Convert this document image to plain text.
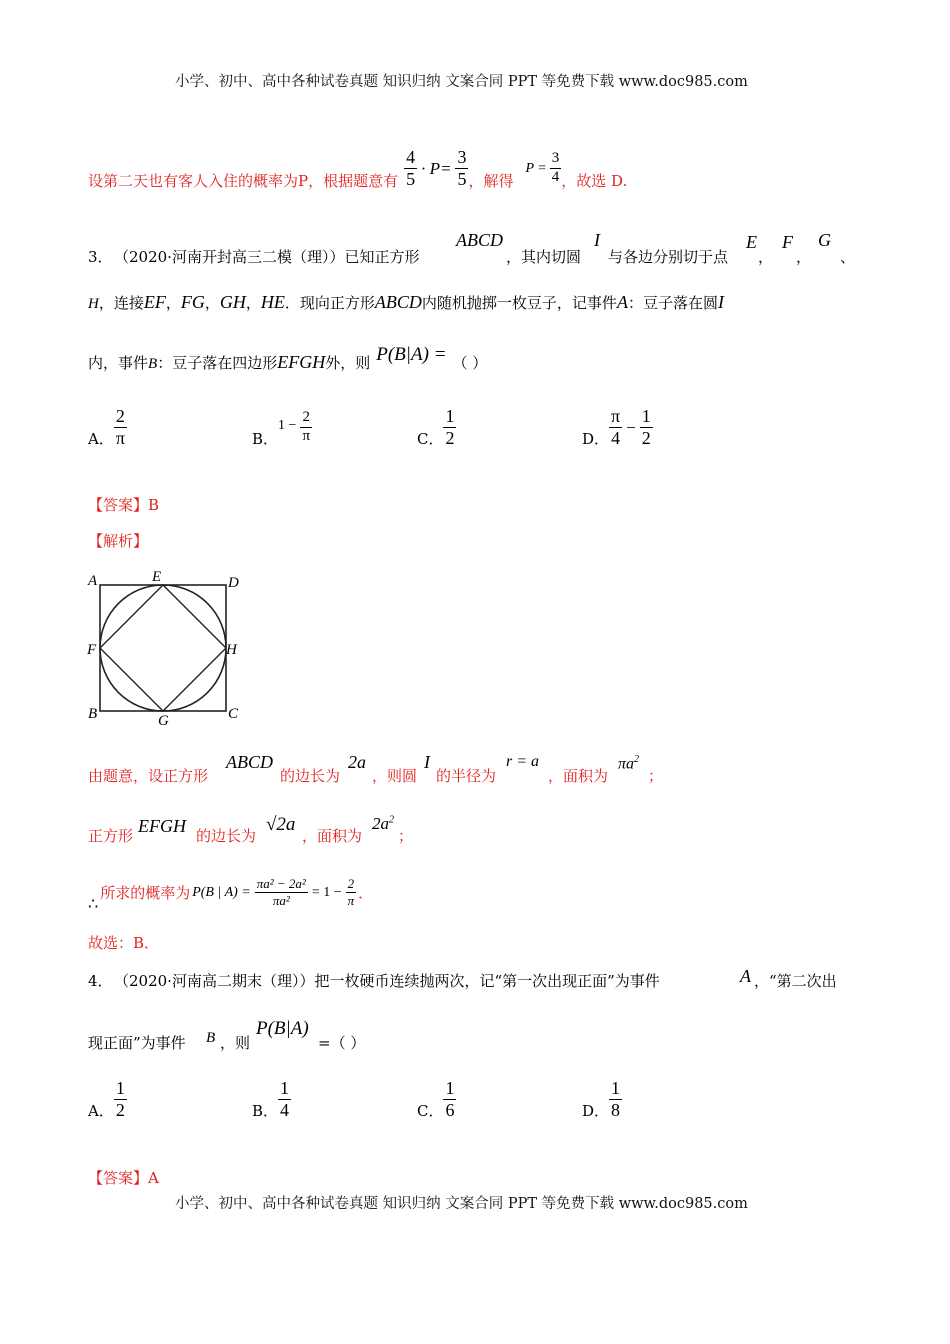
小学、初中、高中各种试卷真题 知识归纳 文案合同 PPT 等免费下载 www.doc985.com
设第二天也有客人入住的概率为P，根据题意有 $\frac{4}{5} \cdot P= \frac{3}{5}$ ，解得
$P = \frac{3}{4}$ ，故选 D.
3． （2020·河南开封高三二模（理））已知正方形
ABCD
，其内切圆
I
与各边分别切于点
E
，
F
，
G
、
H ，连接 EF ， FG ， GH ， HE ．现向正方形 ABCD 内随机抛掷一枚豆子，记事件 A ：豆子落在圆 I
内，事件 B ：豆子落在四边形 EFGH 外，则 P(B|A) = （ ）
A． $\frac{2}{\pi}$	B．
$1 - \frac{2}{\pi}$	C． $\frac{1}{2}$	D． $\frac{\pi}{4} - \frac{1}{2}$
【答案】B
【解析】
A	E	D
F	H
B	G	C
由题意，设正方形
ABCD
的边长为
2a
，则圆
I
的半径为
r = a
，面积为
$\pi a^2$
；
正方形 EFGH 的边长为
√2a
，面积为
$2a^2$
；
∴
所求的概率为 P(B | $A) = \frac{\text{πa² − 2a²}}{\text{πa²}} = 1 - \frac{2}{\pi}$ ．
故选：B．
4． （2020·河南高二期末（理））把一枚硬币连续抛两次，记“第一次出现正面”为事件	A ，“第二次出
现正面”为事件 B ，则
P(B|A)
=（ ）
A． $\frac{1}{2}$	B． $\frac{1}{4}$	C． $\frac{1}{6}$	D． $\frac{1}{8}$
【答案】A
小学、初中、高中各种试卷真题 知识归纳 文案合同 PPT 等免费下载 www.doc985.com
